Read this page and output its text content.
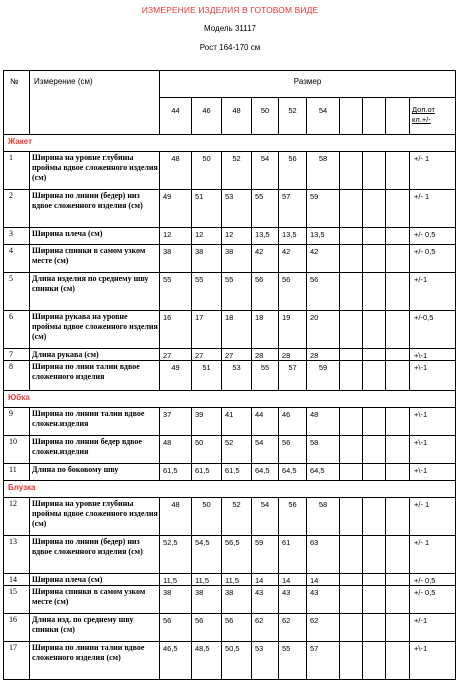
ИЗМЕРЕНИЕ ИЗДЕЛИЯ В ГОТОВОМ ВИДЕ
Модель 31117
Рост 164-170 см
№	Измерение (см)	Размер									
		44	46	48	50	52	54				Доп.от кл.+/-
Жакет											
1	Ширина на уровне глубины проймы вдвое сложенного изделия (см)	48	50	52	54	56	58				+/- 1
2	Ширина по линии (бедер) низ вдвое сложенного изделия (см)	49	51	53	55	57	59				+/- 1
3	Ширина плеча (см)	12	12	12	13,5	13,5	13,5				+/- 0,5
4	Ширина спинки в самом узком месте (см)	38	38	38	42	42	42				+/- 0,5
5	Длина изделия по среднему шву спинки (см)	55	55	55	56	56	56				+/-1
6	Ширина рукава на уровне проймы вдвое сложенного изделия (см)	16	17	18	18	19	20				+/-0,5
7	Длина рукава (см)	27	27	27	28	28	28				+\-1
8	Ширина по лини талии вдвое сложенного изделия	49	51	53	55	57	59				+\-1
Юбка											
9	Ширина по линии талии вдвое сложен.изделия	37	39	41	44	46	48				+\-1
10	Ширина по линии бедер вдвое сложен.изделия	48	50	52	54	56	58				+\-1
11	Длина по боковому шву	61,5	61,5	61,5	64,5	64,5	64,5				+\-1
Блузка											
12	Ширина на уровне глубины проймы вдвое сложенного изделия (см)	48	50	52	54	56	58				+/- 1
13	Ширина по линии (бедер) низ вдвое сложенного изделия (см)	52,5	54,5	56,5	59	61	63				+/- 1
14	Ширина плеча (см)	11,5	11,5	11,5	14	14	14				+/- 0,5
15	Ширина спинки в самом узком месте (см)	38	38	38	43	43	43				+/- 0,5
16	Длина изд. по среднему шву спинки (см)	56	56	56	62	62	62				+/-1
17	Ширина по линии талии вдвое сложенного изделия (см)	46,5	48,5	50,5	53	55	57				+\-1
